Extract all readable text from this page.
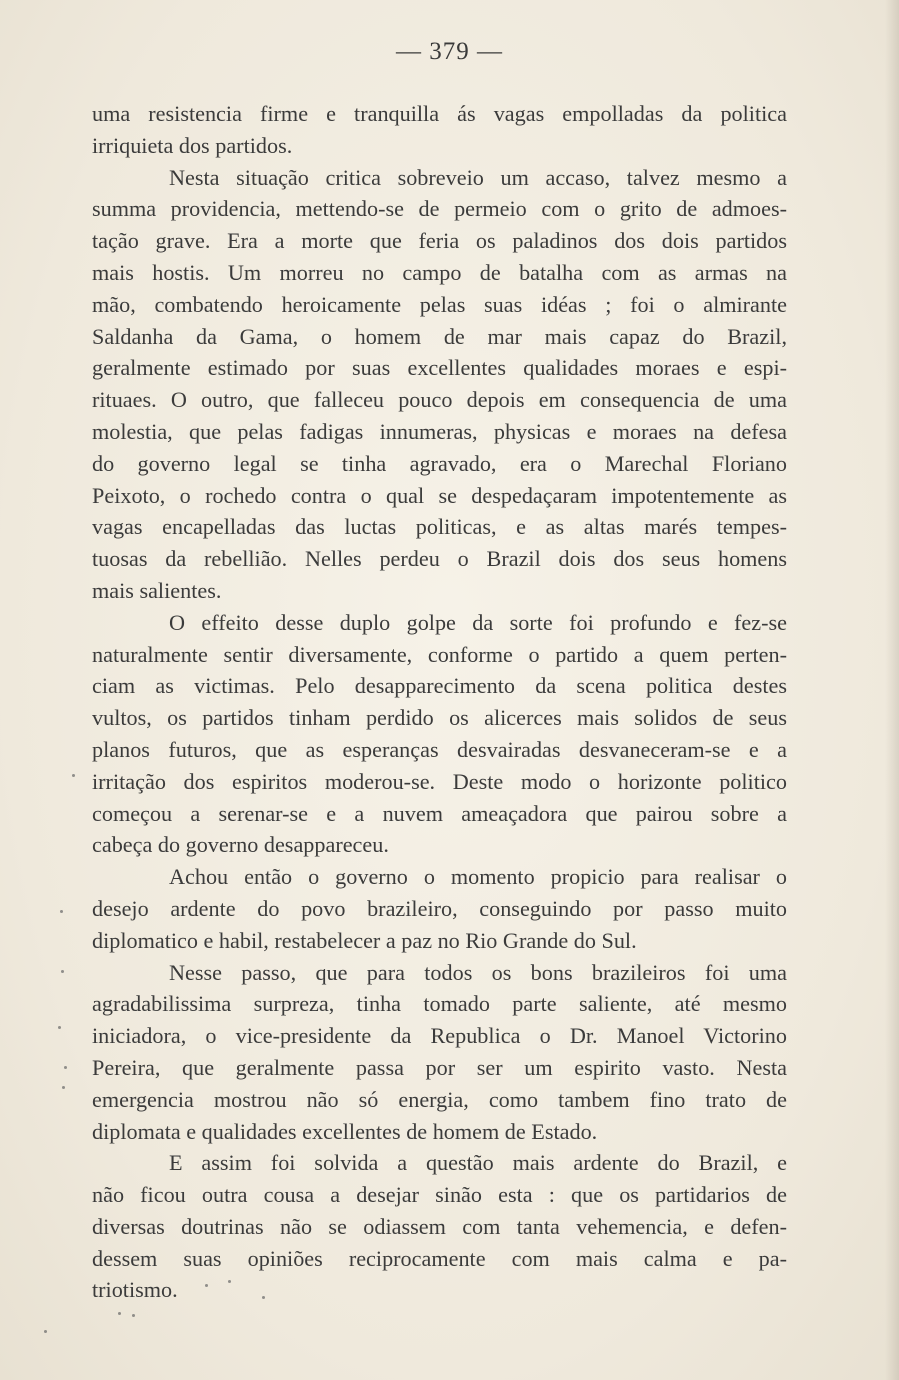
— 379 —
uma resistencia firme e tranquilla ás vagas empolladas da politica
irriquieta dos partidos.
Nesta situação critica sobreveio um accaso, talvez mesmo a
summa providencia, mettendo-se de permeio com o grito de admoes-
tação grave. Era a morte que feria os paladinos dos dois partidos
mais hostis. Um morreu no campo de batalha com as armas na
mão, combatendo heroicamente pelas suas idéas ; foi o almirante
Saldanha da Gama, o homem de mar mais capaz do Brazil,
geralmente estimado por suas excellentes qualidades moraes e espi-
rituaes. O outro, que falleceu pouco depois em consequencia de uma
molestia, que pelas fadigas innumeras, physicas e moraes na defesa
do governo legal se tinha agravado, era o Marechal Floriano
Peixoto, o rochedo contra o qual se despedaçaram impotentemente as
vagas encapelladas das luctas politicas, e as altas marés tempes-
tuosas da rebellião. Nelles perdeu o Brazil dois dos seus homens
mais salientes.
O effeito desse duplo golpe da sorte foi profundo e fez-se
naturalmente sentir diversamente, conforme o partido a quem perten-
ciam as victimas. Pelo desapparecimento da scena politica destes
vultos, os partidos tinham perdido os alicerces mais solidos de seus
planos futuros, que as esperanças desvairadas desvaneceram-se e a
irritação dos espiritos moderou-se. Deste modo o horizonte politico
começou a serenar-se e a nuvem ameaçadora que pairou sobre a
cabeça do governo desappareceu.
Achou então o governo o momento propicio para realisar o
desejo ardente do povo brazileiro, conseguindo por passo muito
diplomatico e habil, restabelecer a paz no Rio Grande do Sul.
Nesse passo, que para todos os bons brazileiros foi uma
agradabilissima surpreza, tinha tomado parte saliente, até mesmo
iniciadora, o vice-presidente da Republica o Dr. Manoel Victorino
Pereira, que geralmente passa por ser um espirito vasto. Nesta
emergencia mostrou não só energia, como tambem fino trato de
diplomata e qualidades excellentes de homem de Estado.
E assim foi solvida a questão mais ardente do Brazil, e
não ficou outra cousa a desejar sinão esta : que os partidarios de
diversas doutrinas não se odiassem com tanta vehemencia, e defen-
dessem suas opiniões reciprocamente com mais calma e pa-
triotismo.
